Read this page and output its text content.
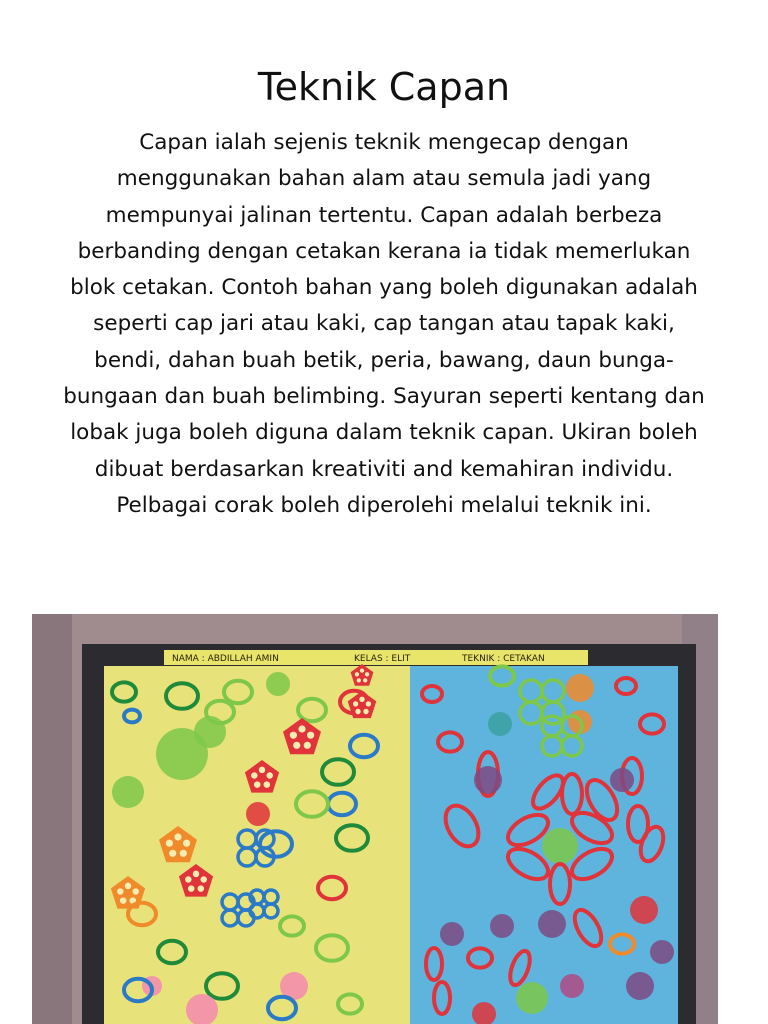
Teknik Capan

Capan ialah sejenis teknik mengecap dengan menggunakan bahan alam atau semula jadi yang mempunyai jalinan tertentu. Capan adalah berbeza berbanding dengan cetakan kerana ia tidak memerlukan blok cetakan. Contoh bahan yang boleh digunakan adalah seperti cap jari atau kaki, cap tangan atau tapak kaki, bendi, dahan buah betik, peria, bawang, daun bunga-bungaan dan buah belimbing. Sayuran seperti kentang dan lobak juga boleh diguna dalam teknik capan. Ukiran boleh dibuat berdasarkan kreativiti and kemahiran individu. Pelbagai corak boleh diperolehi melalui teknik ini.

NAMA : ABDILLAH AMIN	KELAS : ELIT	TEKNIK : CETAKAN
